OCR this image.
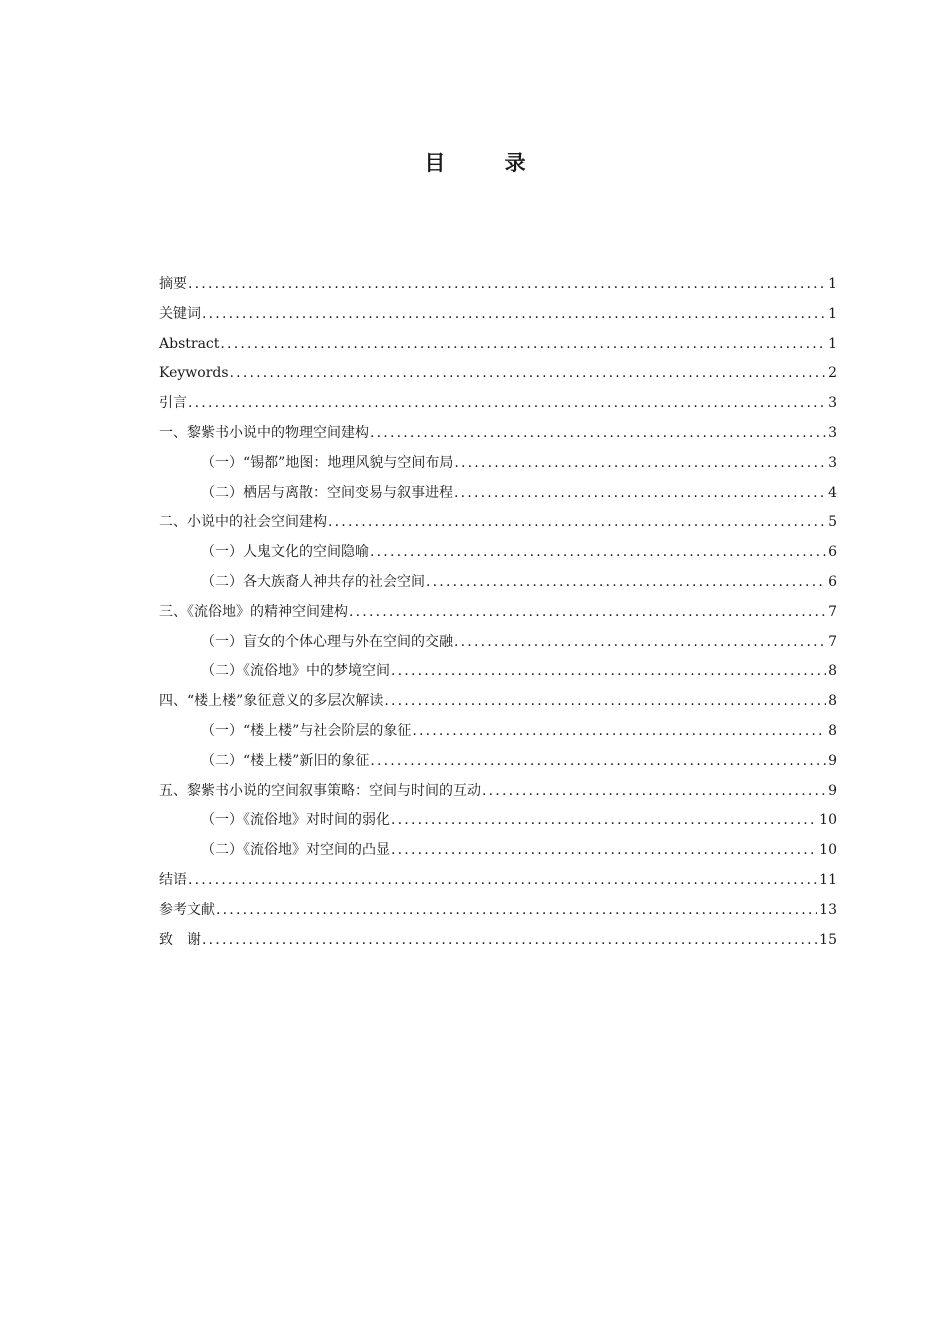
目 录
摘要 .....	1
关键词 .....	1
Abstract .....	1
Keywords .....	2
引言 .....	3
一、黎紫书小说中的物理空间建构 .....	3
（一）“锡都”地图：地理风貌与空间布局 .....	3
（二）栖居与离散：空间变易与叙事进程 .....	4
二、小说中的社会空间建构 .....	5
（一）人鬼文化的空间隐喻 .....	6
（二）各大族裔人神共存的社会空间 .....	6
三、《流俗地》的精神空间建构 .....	7
（一）盲女的个体心理与外在空间的交融 .....	7
（二）《流俗地》中的梦境空间 .....	8
四、“楼上楼”象征意义的多层次解读 .....	8
（一）“楼上楼”与社会阶层的象征 .....	8
（二）“楼上楼”新旧的象征 .....	9
五、黎紫书小说的空间叙事策略：空间与时间的互动 .....	9
（一）《流俗地》对时间的弱化 .....	10
（二）《流俗地》对空间的凸显 .....	10
结语 .....	11
参考文献 .....	13
致　谢 .....	15
